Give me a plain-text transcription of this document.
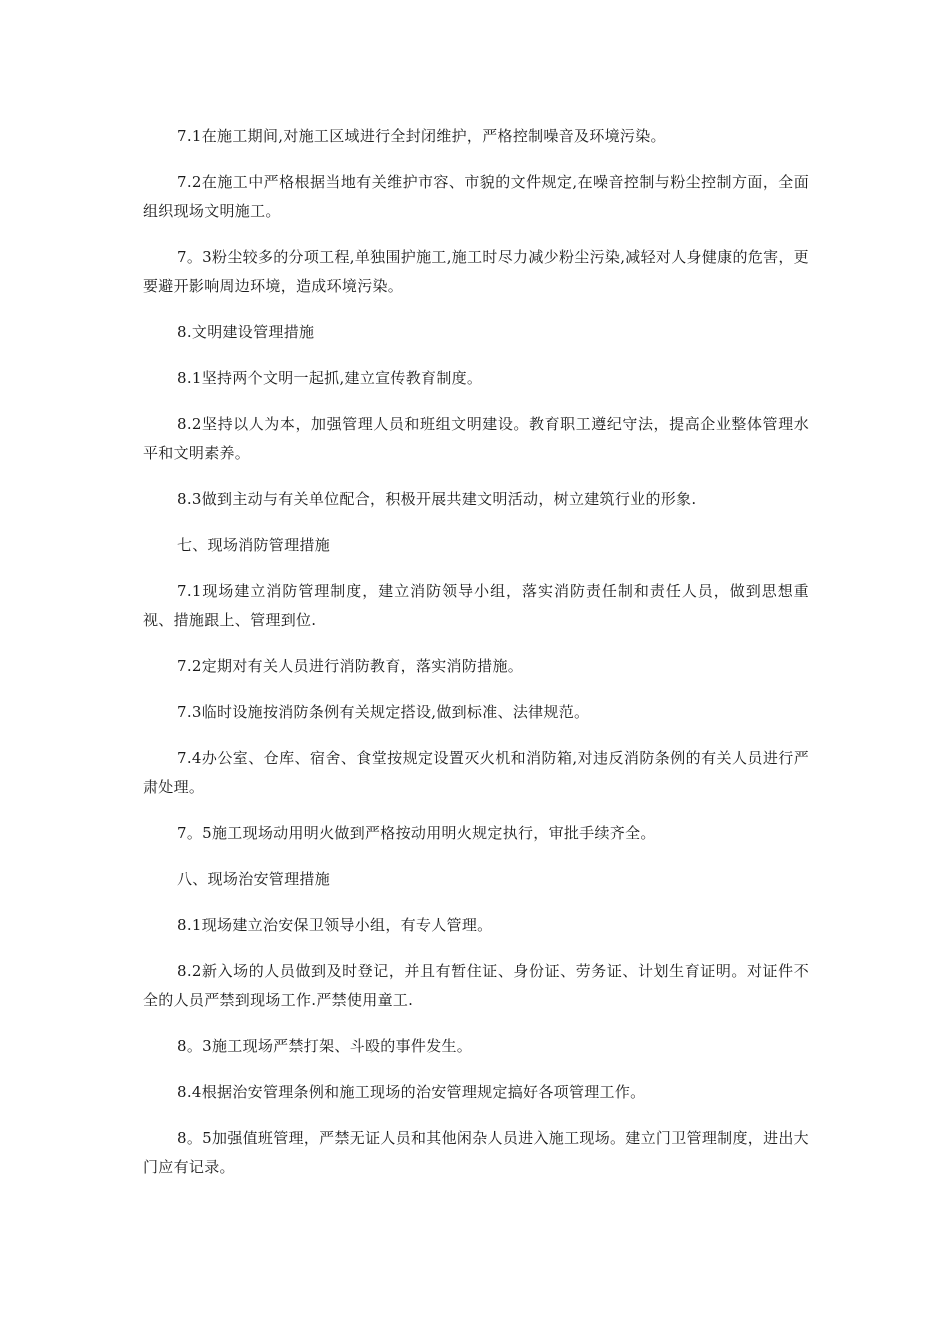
7.1在施工期间,对施工区域进行全封闭维护，严格控制噪音及环境污染。

7.2在施工中严格根据当地有关维护市容、市貌的文件规定,在噪音控制与粉尘控制方面，全面组织现场文明施工。

7。3粉尘较多的分项工程,单独围护施工,施工时尽力减少粉尘污染,减轻对人身健康的危害，更要避开影响周边环境，造成环境污染。

8.文明建设管理措施

8.1坚持两个文明一起抓,建立宣传教育制度。

8.2坚持以人为本，加强管理人员和班组文明建设。教育职工遵纪守法，提高企业整体管理水平和文明素养。

8.3做到主动与有关单位配合，积极开展共建文明活动，树立建筑行业的形象.

七、现场消防管理措施

7.1现场建立消防管理制度，建立消防领导小组，落实消防责任制和责任人员，做到思想重视、措施跟上、管理到位.

7.2定期对有关人员进行消防教育，落实消防措施。

7.3临时设施按消防条例有关规定搭设,做到标准、法律规范。

7.4办公室、仓库、宿舍、食堂按规定设置灭火机和消防箱,对违反消防条例的有关人员进行严肃处理。

7。5施工现场动用明火做到严格按动用明火规定执行，审批手续齐全。

八、现场治安管理措施

8.1现场建立治安保卫领导小组，有专人管理。

8.2新入场的人员做到及时登记，并且有暂住证、身份证、劳务证、计划生育证明。对证件不全的人员严禁到现场工作.严禁使用童工.

8。3施工现场严禁打架、斗殴的事件发生。

8.4根据治安管理条例和施工现场的治安管理规定搞好各项管理工作。

8。5加强值班管理，严禁无证人员和其他闲杂人员进入施工现场。建立门卫管理制度，进出大门应有记录。
